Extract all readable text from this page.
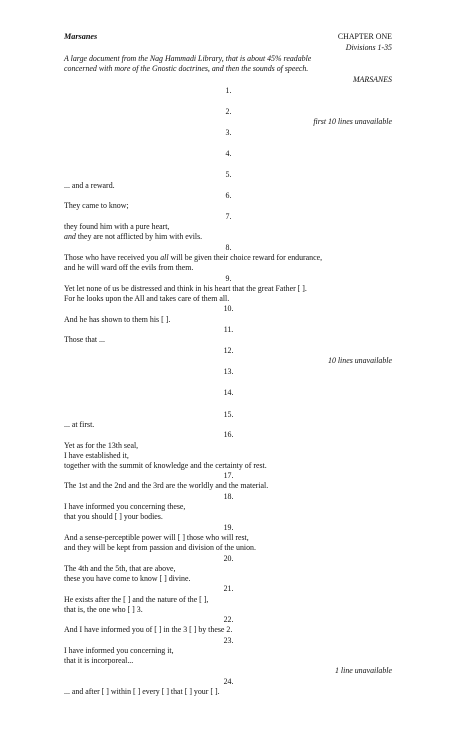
Marsanes	CHAPTER ONE
Divisions 1-35
A large document from the Nag Hammadi Library, that is about 45% readable
concerned with more of the Gnostic doctrines, and then the sounds of speech.
MARSANES
1.
2.
first 10 lines unavailable
3.
4.
5.
... and a reward.
6.
They came to know;
7.
they found him with a pure heart,
and they are not afflicted by him with evils.
8.
Those who have received you all will be given their choice reward for endurance,
and he will ward off the evils from them.
9.
Yet let none of us be distressed and think in his heart that the great Father [ ].
For he looks upon the All and takes care of them all.
10.
And he has shown to them his [ ].
11.
Those that ...
12.
10 lines unavailable
13.
14.
15.
... at first.
16.
Yet as for the 13th seal,
I have established it,
together with the summit of knowledge and the certainty of rest.
17.
The 1st and the 2nd and the 3rd are the worldly and the material.
18.
I have informed you concerning these,
that you should [ ] your bodies.
19.
And a sense-perceptible power will [ ] those who will rest,
and they will be kept from passion and division of the union.
20.
The 4th and the 5th, that are above,
these you have come to know [ ] divine.
21.
He exists after the [ ] and the nature of the [ ],
that is, the one who [ ] 3.
22.
And I have informed you of [ ] in the 3 [ ] by these 2.
23.
I have informed you concerning it,
that it is incorporeal...
1 line unavailable
24.
... and after [ ] within [ ] every [ ] that [ ] your [ ].
